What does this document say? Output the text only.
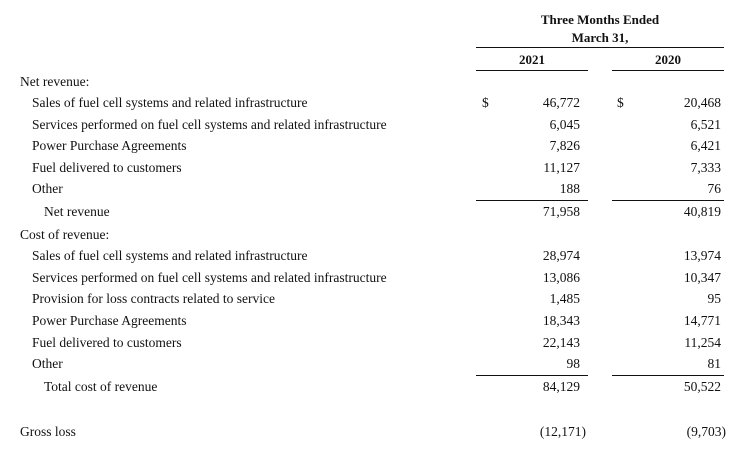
Three Months Ended
March 31,
2021	2020
Net revenue:
Sales of fuel cell systems and related infrastructure	$	46,772	$	20,468
Services performed on fuel cell systems and related infrastructure	6,045	6,521
Power Purchase Agreements	7,826	6,421
Fuel delivered to customers	11,127	7,333
Other	188	76
Net revenue	71,958	40,819
Cost of revenue:
Sales of fuel cell systems and related infrastructure	28,974	13,974
Services performed on fuel cell systems and related infrastructure	13,086	10,347
Provision for loss contracts related to service	1,485	95
Power Purchase Agreements	18,343	14,771
Fuel delivered to customers	22,143	11,254
Other	98	81
Total cost of revenue	84,129	50,522
Gross loss	(12,171)	(9,703)
